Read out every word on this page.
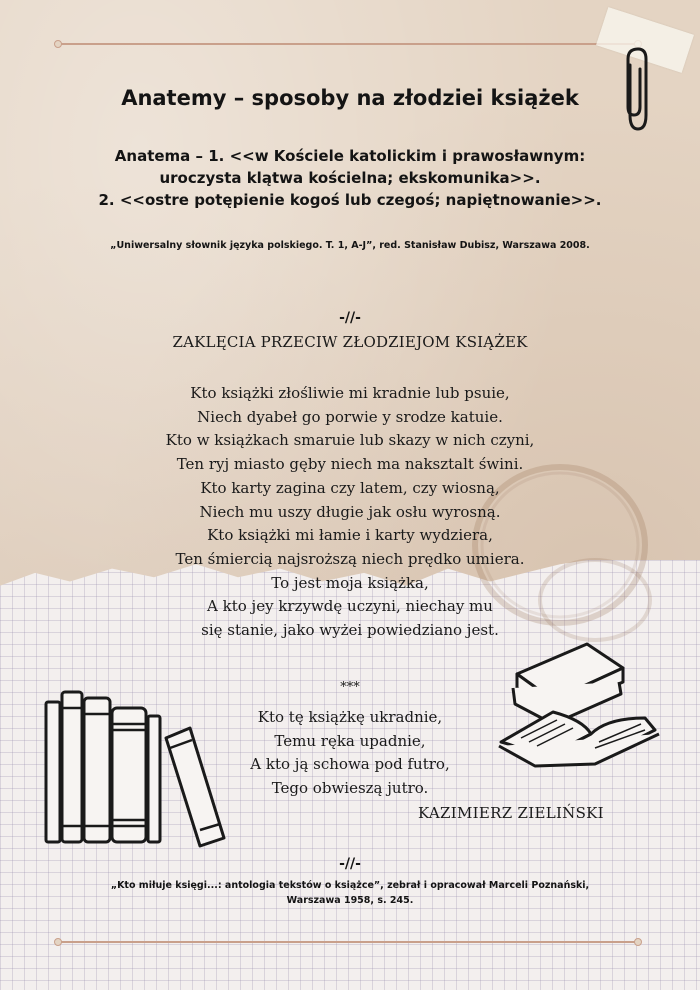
Anatemy – sposoby na złodziei książek
Anatema – 1. <<w Kościele katolickim i prawosławnym:
uroczysta klątwa kościelna; ekskomunika>>.
2. <<ostre potępienie kogoś lub czegoś; napiętnowanie>>.
„Uniwersalny słownik języka polskiego. T. 1, A-J”, red. Stanisław Dubisz, Warszawa 2008.
-//-
ZAKLĘCIA PRZECIW ZŁODZIEJOM KSIĄŻEK
Kto książki złośliwie mi kradnie lub psuie,
Niech dyabeł go porwie y srodze katuie.
Kto w książkach smaruie lub skazy w nich czyni,
Ten ryj miasto gęby niech ma naksztalt świni.
Kto karty zagina czy latem, czy wiosną,
Niech mu uszy długie jak osłu wyrosną.
Kto książki mi łamie i karty wydziera,
Ten śmiercią najsroższą niech prędko umiera.
To jest moja książka,
A kto jey krzywdę uczyni, niechay mu
się stanie, jako wyżei powiedziano jest.
***
Kto tę książkę ukradnie,
Temu ręka upadnie,
A kto ją schowa pod futro,
Tego obwieszą jutro.
KAZIMIERZ ZIELIŃSKI
-//-
„Kto miłuje księgi...: antologia tekstów o książce”, zebrał i opracował Marceli Poznański,
Warszawa 1958, s. 245.
